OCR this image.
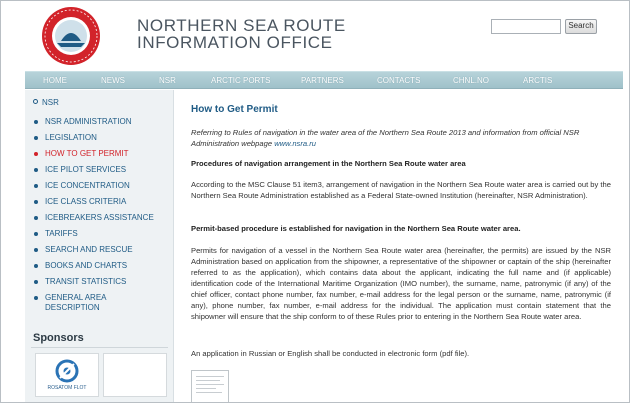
NORTHERN SEA ROUTE
INFORMATION OFFICE
Search
HOME	NEWS	NSR	ARCTIC PORTS	PARTNERS	CONTACTS	CHNL.NO	ARCTIS
NSR
NSR ADMINISTRATION
LEGISLATION
HOW TO GET PERMIT
ICE PILOT SERVICES
ICE CONCENTRATION
ICE CLASS CRITERIA
ICEBREAKERS ASSISTANCE
TARIFFS
SEARCH AND RESCUE
BOOKS AND CHARTS
TRANSIT STATISTICS
GENERAL AREA DESCRIPTION
Sponsors
ROSATOM FLOT
How to Get Permit
Referring to Rules of navigation in the water area of the Northern Sea Route 2013 and information from official NSR Administration webpage www.nsra.ru
Procedures of navigation arrangement in the Northern Sea Route water area
According to the MSC Clause 51 item3, arrangement of navigation in the Northern Sea Route water area is carried out by the Northern Sea Route Administration established as a Federal State-owned Institution (hereinafter, NSR Administration).
Permit-based procedure is established for navigation in the Northern Sea Route water area.
Permits for navigation of a vessel in the Northern Sea Route water area (hereinafter, the permits) are issued by the NSR Administration based on application from the shipowner, a representative of the shipowner or captain of the ship (hereinafter referred to as the application), which contains data about the applicant, indicating the full name and (if applicable) identification code of the International Maritime Organization (IMO number), the surname, name, patronymic (if any) of the chief officer, contact phone number, fax number, e-mail address for the legal person or the surname, name, patronymic (if any), phone number, fax number, e-mail address for the individual. The application must contain statement that the shipowner will ensure that the ship conform to of these Rules prior to entering in the Northern Sea Route water area.
An application in Russian or English shall be conducted in electronic form (pdf file).
